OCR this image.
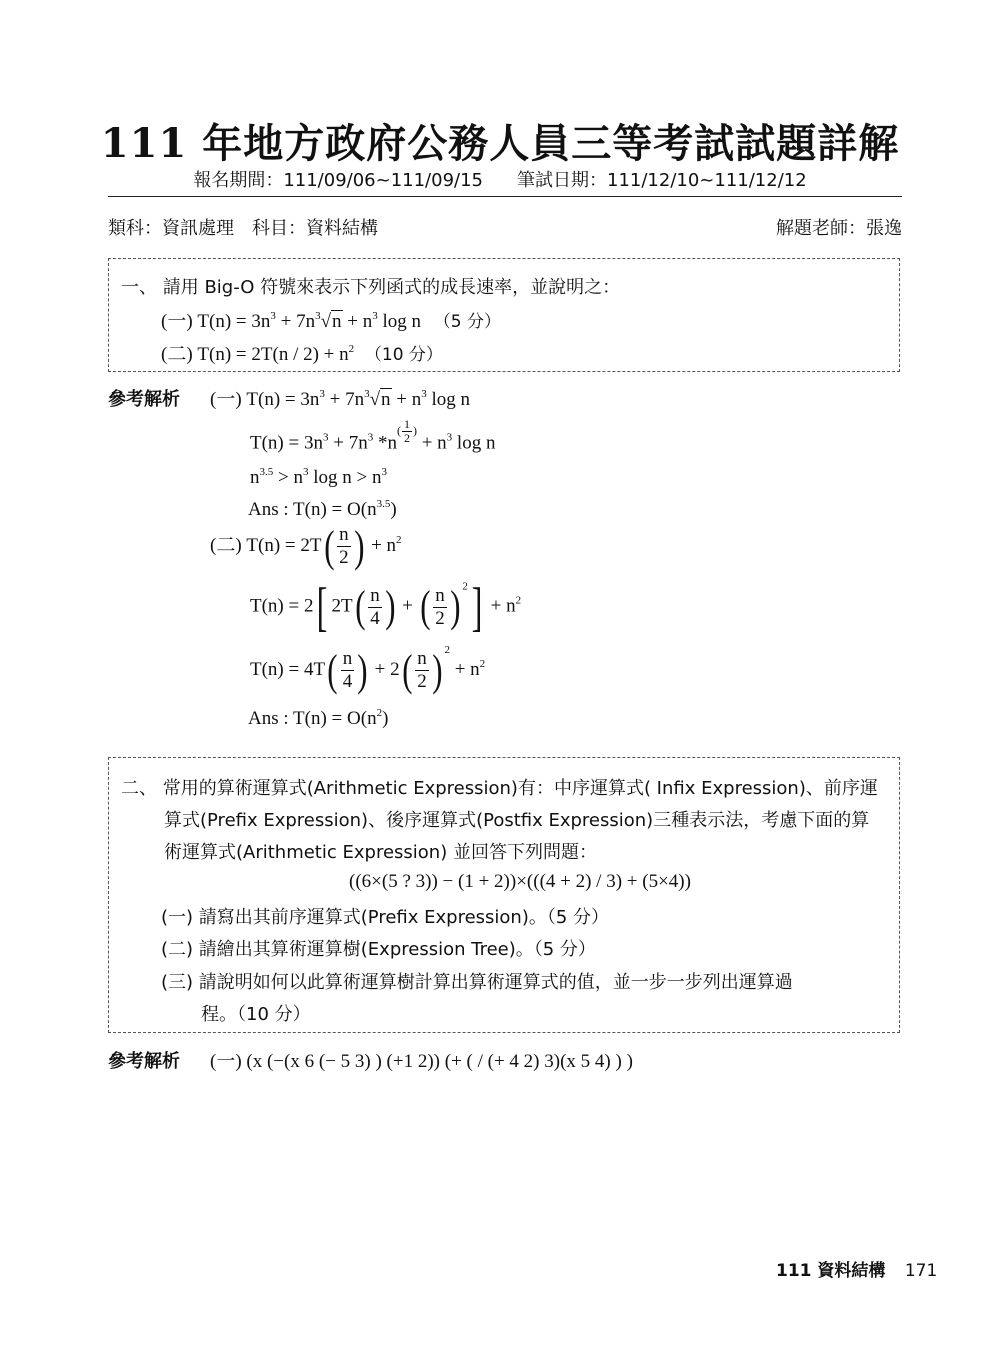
111 年地方政府公務人員三等考試試題詳解
報名期間：111/09/06~111/09/15 筆試日期：111/12/10~111/12/12
類科：資訊處理　科目：資料結構	解題老師：張逸
一、 請用 Big-O 符號來表示下列函式的成長速率，並說明之：
(一) $T(n) = 3n^3 + 7n^3√n + n^3$ log n （5 分）
(二) $T(n) = 2T(n / 2) + n^2$ （10 分）
參考解析 (一) $T(n) = 3n^3 + 7n^3√n + n^3$ log n
$T(n) = 3n^3 + 7n^3$ $*n( \frac{1}{2}$ ) + $n^3$ log n
$n^{3.5} > n^3$ $\log n > n^3$
Ans : $T(n) = O(n^{3.5})$
(二) $T(n) = 2T( \frac{n}{2}$ ) + $n^2$
T(n) = 2[ $2T( \frac{n}{4}$ ) + ( $\frac{n}{2}$ ) $^2] + n^2$
$T(n) = 4T( \frac{n}{4}$ ) + $2( \frac{n}{2}$ ) $^2 + n^2$
Ans : $T(n) = O(n^2)$
二、 常用的算術運算式(Arithmetic Expression)有：中序運算式( Infix Expression)、前序運
算式(Prefix Expression)、後序運算式(Postfix Expression)三種表示法，考慮下面的算
術運算式(Arithmetic Expression) 並回答下列問題：
((6×(5 ? 3)) − (1 + 2))×(((4 + 2) / 3) + (5×4))
(一) 請寫出其前序運算式(Prefix Expression)。（5 分）
(二) 請繪出其算術運算樹(Expression Tree)。（5 分）
(三) 請說明如何以此算術運算樹計算出算術運算式的值，並一步一步列出運算過
程。（10 分）
參考解析 (一) (x (−(x 6 (− 5 3) ) (+1 2)) (+ ( / (+ 4 2) 3)(x 5 4) ) )
111 資料結構 171
